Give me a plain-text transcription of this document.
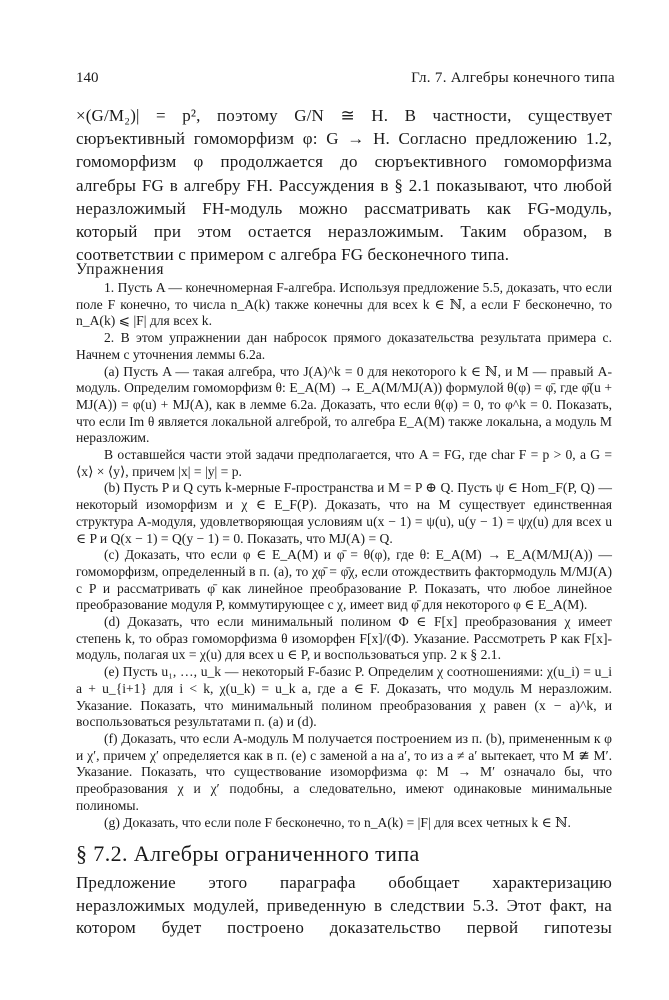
140	Гл. 7. Алгебры конечного типа

×(G/M₂)| = p², поэтому G/N ≅ H. В частности, существует сюръективный гомоморфизм φ: G → H. Согласно предложению 1.2, гомоморфизм φ продолжается до сюръективного гомоморфизма алгебры FG в алгебру FH. Рассуждения в § 2.1 показывают, что любой неразложимый FH-модуль можно рассматривать как FG-модуль, который при этом остается неразложимым. Таким образом, в соответствии с примером с алгебра FG бесконечного типа.

Упражнения

1. Пусть A — конечномерная F-алгебра. Используя предложение 5.5, доказать, что если поле F конечно, то числа n_A(k) также конечны для всех k ∈ ℕ, а если F бесконечно, то n_A(k) ⩽ |F| для всех k.

2. В этом упражнении дан набросок прямого доказательства результата примера с. Начнем с уточнения леммы 6.2а.

(a) Пусть A — такая алгебра, что J(A)^k = 0 для некоторого k ∈ ℕ, и M — правый A-модуль. Определим гомоморфизм θ: E_A(M) → E_A(M/MJ(A)) формулой θ(φ) = φ̄, где φ̄(u + MJ(A)) = φ(u) + MJ(A), как в лемме 6.2а. Доказать, что если θ(φ) = 0, то φ^k = 0. Показать, что если Im θ является локальной алгеброй, то алгебра E_A(M) также локальна, а модуль M неразложим.

В оставшейся части этой задачи предполагается, что A = FG, где char F = p > 0, а G = ⟨x⟩ × ⟨y⟩, причем |x| = |y| = p.

(b) Пусть P и Q суть k-мерные F-пространства и M = P ⊕ Q. Пусть ψ ∈ Hom_F(P, Q) — некоторый изоморфизм и χ ∈ E_F(P). Доказать, что на M существует единственная структура A-модуля, удовлетворяющая условиям u(x − 1) = ψ(u), u(y − 1) = ψχ(u) для всех u ∈ P и Q(x − 1) = Q(y − 1) = 0. Показать, что MJ(A) = Q.

(c) Доказать, что если φ ∈ E_A(M) и φ̄ = θ(φ), где θ: E_A(M) → E_A(M/MJ(A)) — гомоморфизм, определенный в п. (а), то χφ̄ = φ̄χ, если отождествить фактормодуль M/MJ(A) с P и рассматривать φ̄ как линейное преобразование P. Показать, что любое линейное преобразование модуля P, коммутирующее с χ, имеет вид φ̄ для некоторого φ ∈ E_A(M).

(d) Доказать, что если минимальный полином Φ ∈ F[x] преобразования χ имеет степень k, то образ гомоморфизма θ изоморфен F[x]/(Φ). Указание. Рассмотреть P как F[x]-модуль, полагая ux = χ(u) для всех u ∈ P, и воспользоваться упр. 2 к § 2.1.

(e) Пусть u₁, …, u_k — некоторый F-базис P. Определим χ соотношениями: χ(u_i) = u_i a + u_{i+1} для i < k, χ(u_k) = u_k a, где a ∈ F. Доказать, что модуль M неразложим. Указание. Показать, что минимальный полином преобразования χ равен (x − a)^k, и воспользоваться результатами п. (а) и (d).

(f) Доказать, что если A-модуль M получается построением из п. (b), примененным к φ и χ′, причем χ′ определяется как в п. (е) с заменой a на a′, то из a ≠ a′ вытекает, что M ≇ M′. Указание. Показать, что существование изоморфизма φ: M → M′ означало бы, что преобразования χ и χ′ подобны, а следовательно, имеют одинаковые минимальные полиномы.

(g) Доказать, что если поле F бесконечно, то n_A(k) = |F| для всех четных k ∈ ℕ.

§ 7.2. Алгебры ограниченного типа

Предложение этого параграфа обобщает характеризацию неразложимых модулей, приведенную в следствии 5.3. Этот факт, на котором будет построено доказательство первой гипотезы
